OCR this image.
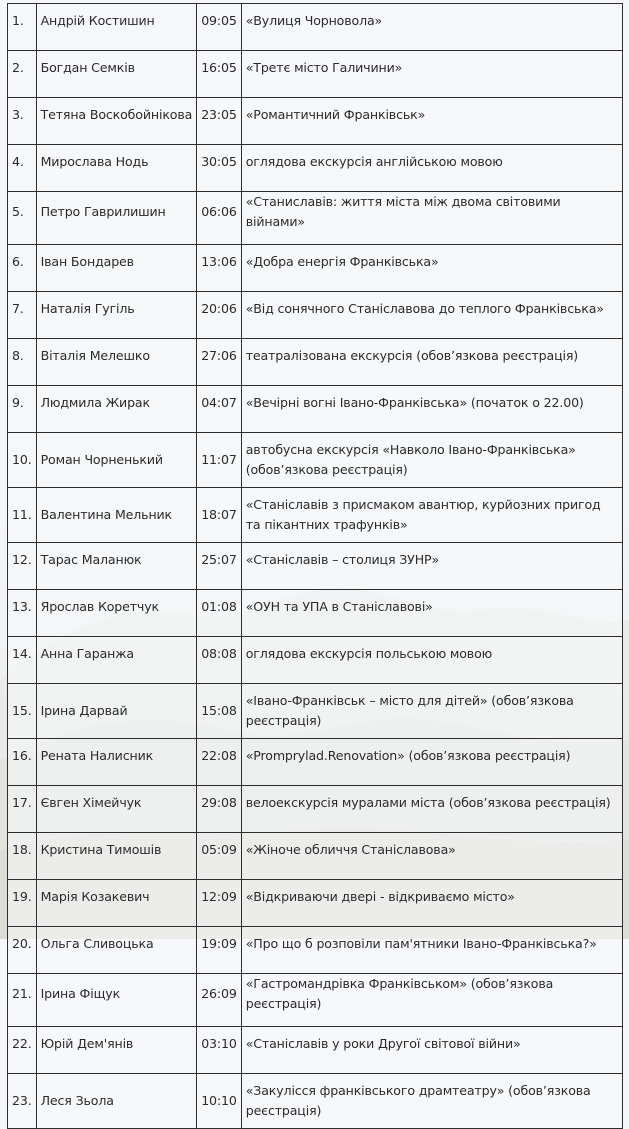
1.	Андрій Костишин	09:05	«Вулиця Чорновола»
2.	Богдан Семків	16:05	«Третє місто Галичини»
3.	Тетяна Воскобойнікова	23:05	«Романтичний Франківськ»
4.	Мирослава Нодь	30:05	оглядова екскурсія англійською мовою
5.	Петро Гаврилишин	06:06	«Станиславів: життя міста між двома світовими війнами»
6.	Іван Бондарев	13:06	«Добра енергія Франківська»
7.	Наталія Гугіль	20:06	«Від сонячного Станіславова до теплого Франківська»
8.	Віталія Мелешко	27:06	театралізована екскурсія (обов’язкова реєстрація)
9.	Людмила Жирак	04:07	«Вечірні вогні Івано-Франківська» (початок о 22.00)
10.	Роман Чорненький	11:07	автобусна екскурсія «Навколо Івано-Франківська» (обов’язкова реєстрація)
11.	Валентина Мельник	18:07	«Станіславів з присмаком авантюр, курйозних пригод та пікантних трафунків»
12.	Тарас Маланюк	25:07	«Станіславів – столиця ЗУНР»
13.	Ярослав Коретчук	01:08	«ОУН та УПА в Станіславові»
14.	Анна Гаранжа	08:08	оглядова екскурсія польською мовою
15.	Ірина Дарвай	15:08	«Івано-Франківськ – місто для дітей» (обов’язкова реєстрація)
16.	Рената Налисник	22:08	«Promprylad.Renovation» (обов’язкова реєстрація)
17.	Євген Хімейчук	29:08	велоекскурсія муралами міста (обов’язкова реєстрація)
18.	Кристина Тимошів	05:09	«Жіноче обличчя Станіславова»
19.	Марія Козакевич	12:09	«Відкриваючи двері - відкриваємо місто»
20.	Ольга Сливоцька	19:09	«Про що б розповіли пам'ятники Івано-Франківська?»
21.	Ірина Фіщук	26:09	«Гастромандрівка Франківськом» (обов’язкова реєстрація)
22.	Юрій Дем'янів	03:10	«Станіславів у роки Другої світової війни»
23.	Леся Зьола	10:10	«Закулісся франківського драмтеатру» (обов’язкова реєстрація)
